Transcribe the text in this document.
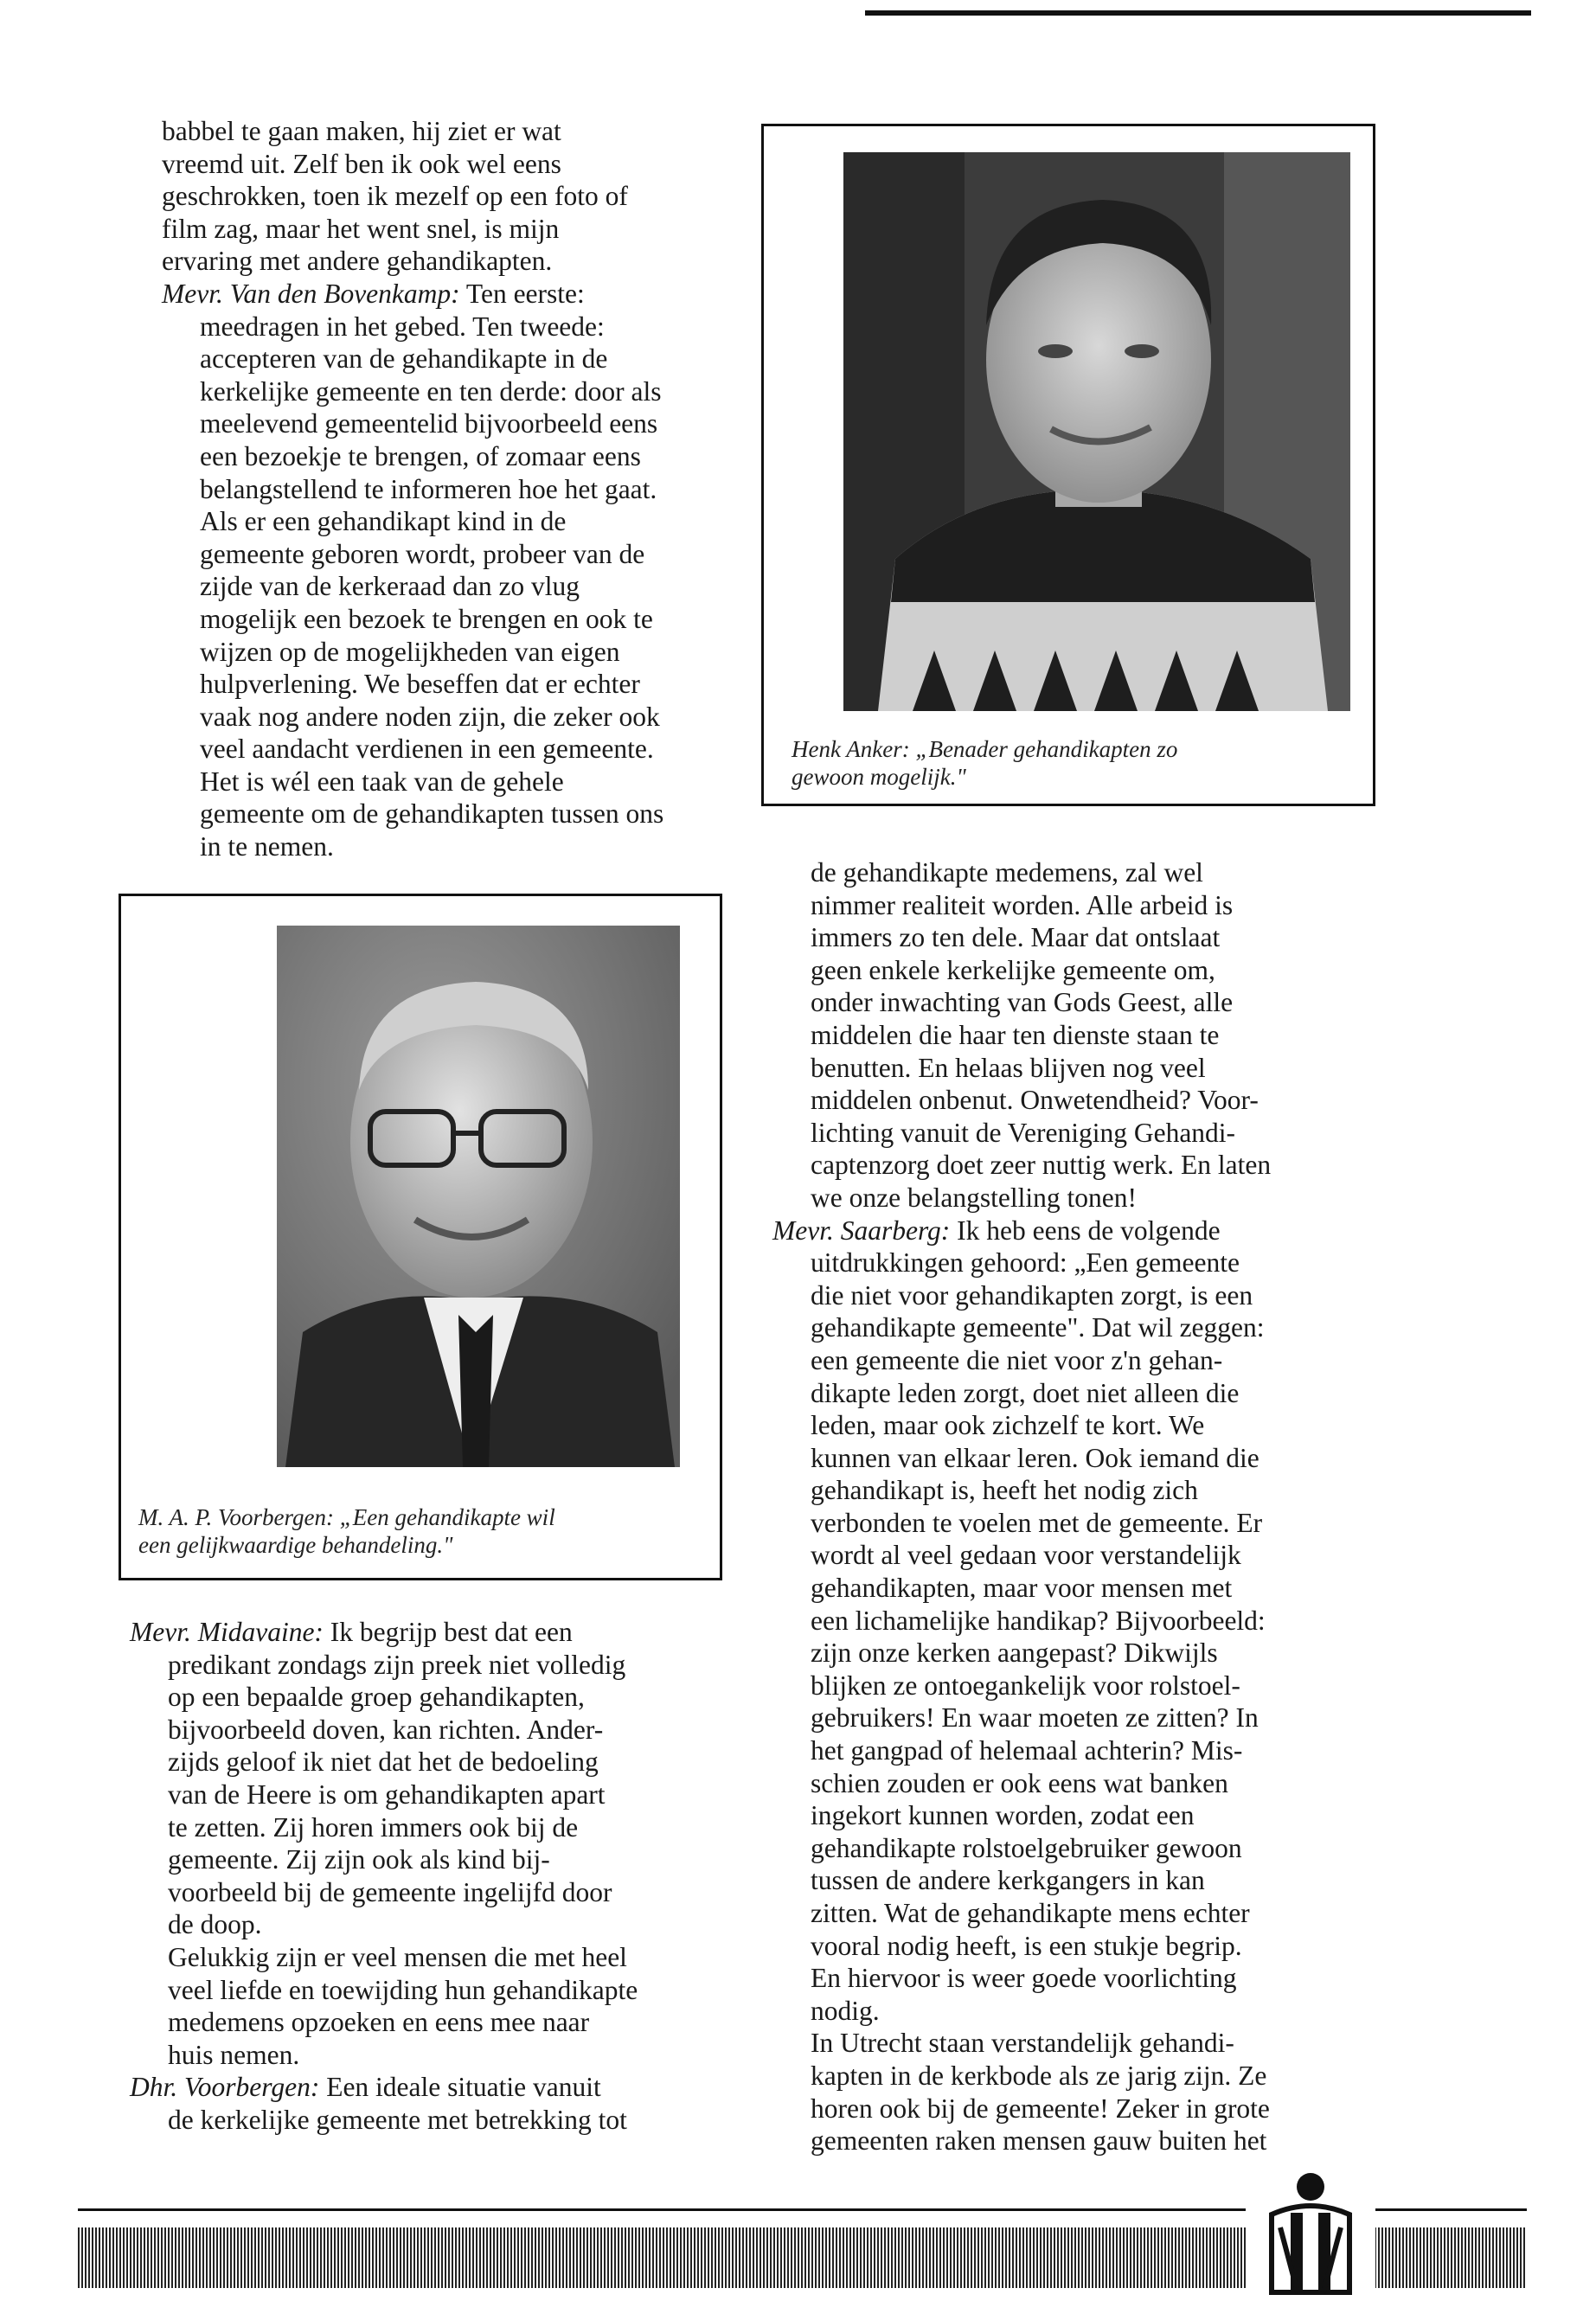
babbel te gaan maken, hij ziet er wat
vreemd uit. Zelf ben ik ook wel eens
geschrokken, toen ik mezelf op een foto of
film zag, maar het went snel, is mijn
ervaring met andere gehandikapten.
Mevr. Van den Bovenkamp: Ten eerste:
meedragen in het gebed. Ten tweede:
accepteren van de gehandikapte in de
kerkelijke gemeente en ten derde: door als
meelevend gemeentelid bijvoorbeeld eens
een bezoekje te brengen, of zomaar eens
belangstellend te informeren hoe het gaat.
Als er een gehandikapt kind in de
gemeente geboren wordt, probeer van de
zijde van de kerkeraad dan zo vlug
mogelijk een bezoek te brengen en ook te
wijzen op de mogelijkheden van eigen
hulpverlening. We beseffen dat er echter
vaak nog andere noden zijn, die zeker ook
veel aandacht verdienen in een gemeente.
Het is wél een taak van de gehele
gemeente om de gehandikapten tussen ons
in te nemen.
Henk Anker: „Benader gehandikapten zo
gewoon mogelijk."
M. A. P. Voorbergen: „Een gehandikapte wil
een gelijkwaardige behandeling."
Mevr. Midavaine: Ik begrijp best dat een
predikant zondags zijn preek niet volledig
op een bepaalde groep gehandikapten,
bijvoorbeeld doven, kan richten. Ander-
zijds geloof ik niet dat het de bedoeling
van de Heere is om gehandikapten apart
te zetten. Zij horen immers ook bij de
gemeente. Zij zijn ook als kind bij-
voorbeeld bij de gemeente ingelijfd door
de doop.
Gelukkig zijn er veel mensen die met heel
veel liefde en toewijding hun gehandikapte
medemens opzoeken en eens mee naar
huis nemen.
Dhr. Voorbergen: Een ideale situatie vanuit
de kerkelijke gemeente met betrekking tot
de gehandikapte medemens, zal wel
nimmer realiteit worden. Alle arbeid is
immers zo ten dele. Maar dat ontslaat
geen enkele kerkelijke gemeente om,
onder inwachting van Gods Geest, alle
middelen die haar ten dienste staan te
benutten. En helaas blijven nog veel
middelen onbenut. Onwetendheid? Voor-
lichting vanuit de Vereniging Gehandi-
captenzorg doet zeer nuttig werk. En laten
we onze belangstelling tonen!
Mevr. Saarberg: Ik heb eens de volgende
uitdrukkingen gehoord: „Een gemeente
die niet voor gehandikapten zorgt, is een
gehandikapte gemeente". Dat wil zeggen:
een gemeente die niet voor z'n gehan-
dikapte leden zorgt, doet niet alleen die
leden, maar ook zichzelf te kort. We
kunnen van elkaar leren. Ook iemand die
gehandikapt is, heeft het nodig zich
verbonden te voelen met de gemeente. Er
wordt al veel gedaan voor verstandelijk
gehandikapten, maar voor mensen met
een lichamelijke handikap? Bijvoorbeeld:
zijn onze kerken aangepast? Dikwijls
blijken ze ontoegankelijk voor rolstoel-
gebruikers! En waar moeten ze zitten? In
het gangpad of helemaal achterin? Mis-
schien zouden er ook eens wat banken
ingekort kunnen worden, zodat een
gehandikapte rolstoelgebruiker gewoon
tussen de andere kerkgangers in kan
zitten. Wat de gehandikapte mens echter
vooral nodig heeft, is een stukje begrip.
En hiervoor is weer goede voorlichting
nodig.
In Utrecht staan verstandelijk gehandi-
kapten in de kerkbode als ze jarig zijn. Ze
horen ook bij de gemeente! Zeker in grote
gemeenten raken mensen gauw buiten het
